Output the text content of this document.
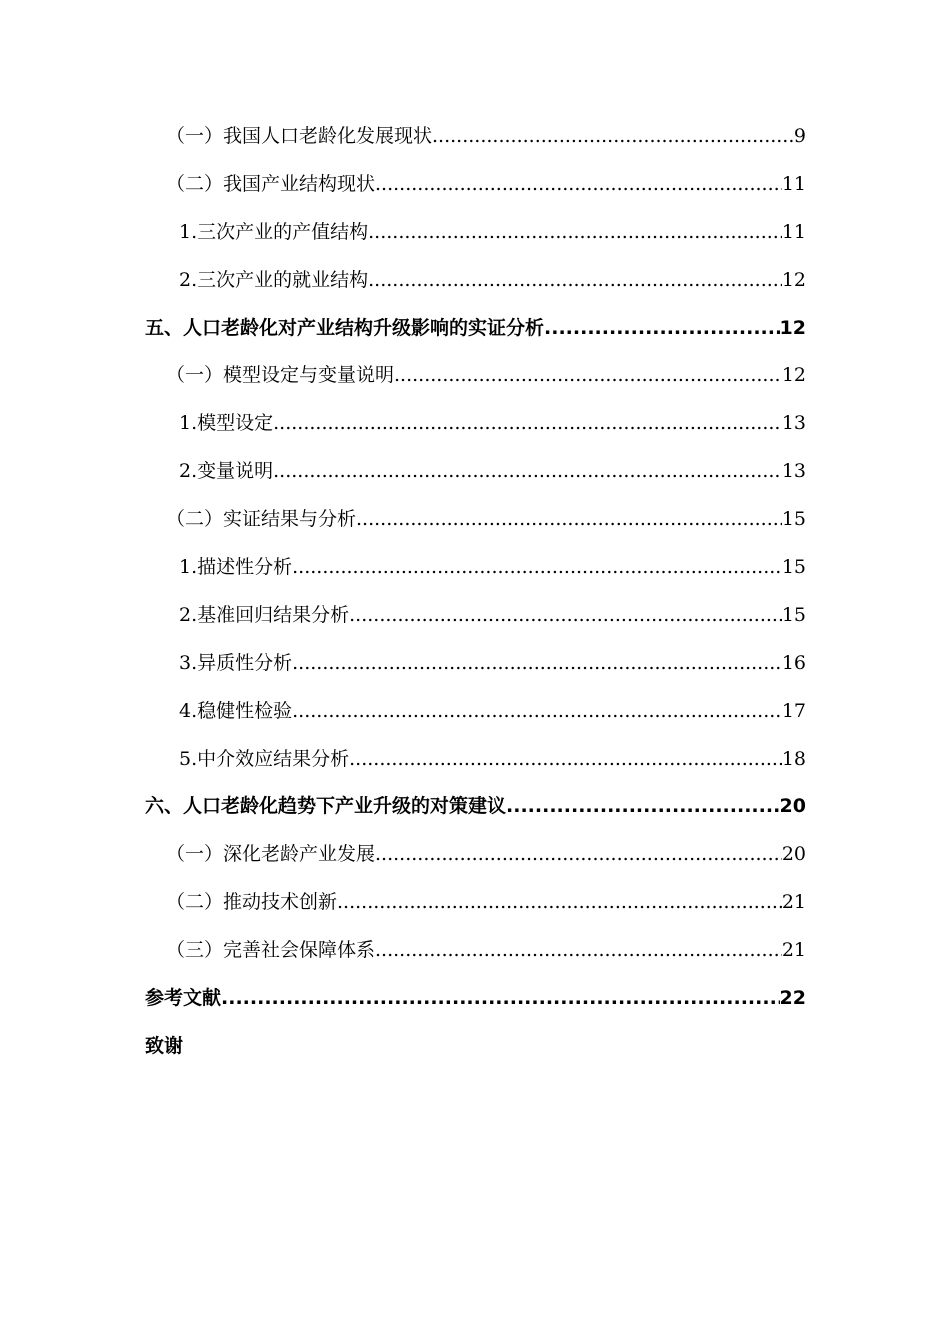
（一）我国人口老龄化发展现状 .....	9
（二）我国产业结构现状 .....	11
1.三次产业的产值结构 .....	11
2.三次产业的就业结构 .....	12
五、人口老龄化对产业结构升级影响的实证分析 .....	12
（一）模型设定与变量说明 .....	12
1.模型设定 .....	13
2.变量说明 .....	13
（二）实证结果与分析 .....	15
1.描述性分析 .....	15
2.基准回归结果分析 .....	15
3.异质性分析 .....	16
4.稳健性检验 .....	17
5.中介效应结果分析 .....	18
六、人口老龄化趋势下产业升级的对策建议 .....	20
（一）深化老龄产业发展 .....	20
（二）推动技术创新 .....	21
（三）完善社会保障体系 .....	21
参考文献 .....	22
致谢
